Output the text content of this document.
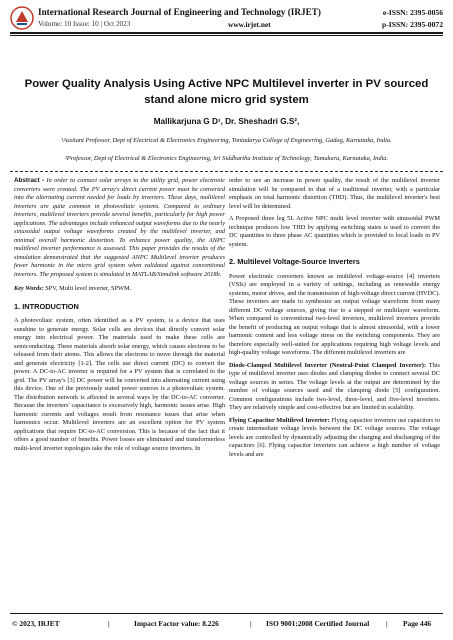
International Research Journal of Engineering and Technology (IRJET)
Volume: 10 Issue: 10 | Oct 2023	www.irjet.net
e-ISSN: 2395-0056
p-ISSN: 2395-0072
Power Quality Analysis Using Active NPC Multilevel inverter in PV sourced stand alone micro grid system
Mallikarjuna G D¹, Dr. Sheshadri G.S²,
¹Assitant Professor, Dept of Electrical & Electronics Engineering, Tontadarya College of Engineering, Gadag, Karnataka, India.
²Professor, Dept of Electrical & Electronics Engineering, Sri Siddhartha Institute of Technology, Tumukuru, Karnataka, India.

Abstract - In order to connect solar arrays to the utility grid, power electronic converters were created. The PV array's direct current power must be converted into the alternating current needed for loads by inverters. These days, multilevel inverters are quite common in photovoltaic systems. Compared to ordinary inverters, multilevel inverters provide several benefits, particularly for high power applications. The advantages include enhanced output waveforms due to the nearly sinusoidal output voltage waveforms created by the multilevel inverter, and minimal overall harmonic distortion. To enhance power quality, the ANPC multilevel inverter performance is assessed. This paper provides the results of the simulation demonstrated that the suggested ANPC Multilevel inverter produces fewer harmonic in the micro grid system when validated against conventional inverters. The proposed system is simulated in MATLAB/Simulink software 2018b.

Key Words: SPV, Multi level inverter, SPWM.

1. INTRODUCTION

A photovoltaic system, often identified as a PV system, is a device that uses sunshine to generate energy. Solar cells are devices that directly convert solar energy into electrical power. The materials used to make these cells are semiconducting. These materials absorb solar energy, which causes electrons to be released from their atoms. This allows the electrons to move through the material and generate electricity [1-2]. The cells use direct current (DC) to convert the power. A DC-to-AC inverter is required for a PV system that is correlated to the grid. The PV array's [3] DC power will be converted into alternating current using this device. One of the previously stated power sources is a photovoltaic system. The distribution network is affected in several ways by the DC-to-AC converter. Because the inverters' capacitance is excessively high, harmonic issues arise. High harmonic currents and voltages result from resonance issues that arise when harmonics occur. Multilevel inverters are an excellent option for PV system applications that require DC-to-AC conversion. This is because of the fact that it offers a good number of benefits. Power losses are eliminated and transformerless multi-level inverter topologies take the role of voltage source inverters. In

order to see an increase in power quality, the result of the multilevel inverter simulation will be compared to that of a traditional inverter, with a particular emphasis on total harmonic distortion (THD). Thus, the multilevel inverter's best level will be determined.

A Proposed three leg 5L Active NPC multi level inverter with sinusoidal PWM technique produces low THD by applying switching states is used to convert the DC quantities to three phase AC quantities which is provided to local loads in PV system.

2. Multilevel Voltage-Source Inverters

Power electronic converters known as multilevel voltage-source [4] inverters (VSIs) are employed in a variety of settings, including as renewable energy systems, motor drives, and the transmission of high-voltage direct current (HVDC). These inverters are made to synthesize an output voltage waveform from many different DC voltage sources, giving rise to a stepped or multilayer waveform. When compared to conventional two-level inverters, multilevel inverters provide the benefit of producing an output voltage that is almost sinusoidal, with a lower harmonic content and less voltage stress on the switching components. They are therefore especially well-suited for applications requiring high voltage levels and high-quality voltage waveforms. The different multilevel inverters are

Diode-Clamped Multilevel Inverter (Neutral-Point Clamped Inverter): This type of multilevel inverter uses diodes and clamping diodes to connect several DC voltage sources in series. The voltage levels at the output are determined by the number of voltage sources used and the clamping diode [5] configuration. Common configurations include two-level, three-level, and five-level inverters. They are relatively simple and cost-effective but are limited in scalability.

Flying Capacitor Multilevel Inverter: Flying capacitor inverters use capacitors to create intermediate voltage levels between the DC voltage sources. The voltage levels are controlled by dynamically adjusting the charging and discharging of the capacitors [6]. Flying capacitor inverters can achieve a high number of voltage levels and are

© 2023, IRJET	|	Impact Factor value: 8.226	| ISO 9001:2008 Certified Journal | Page 446
